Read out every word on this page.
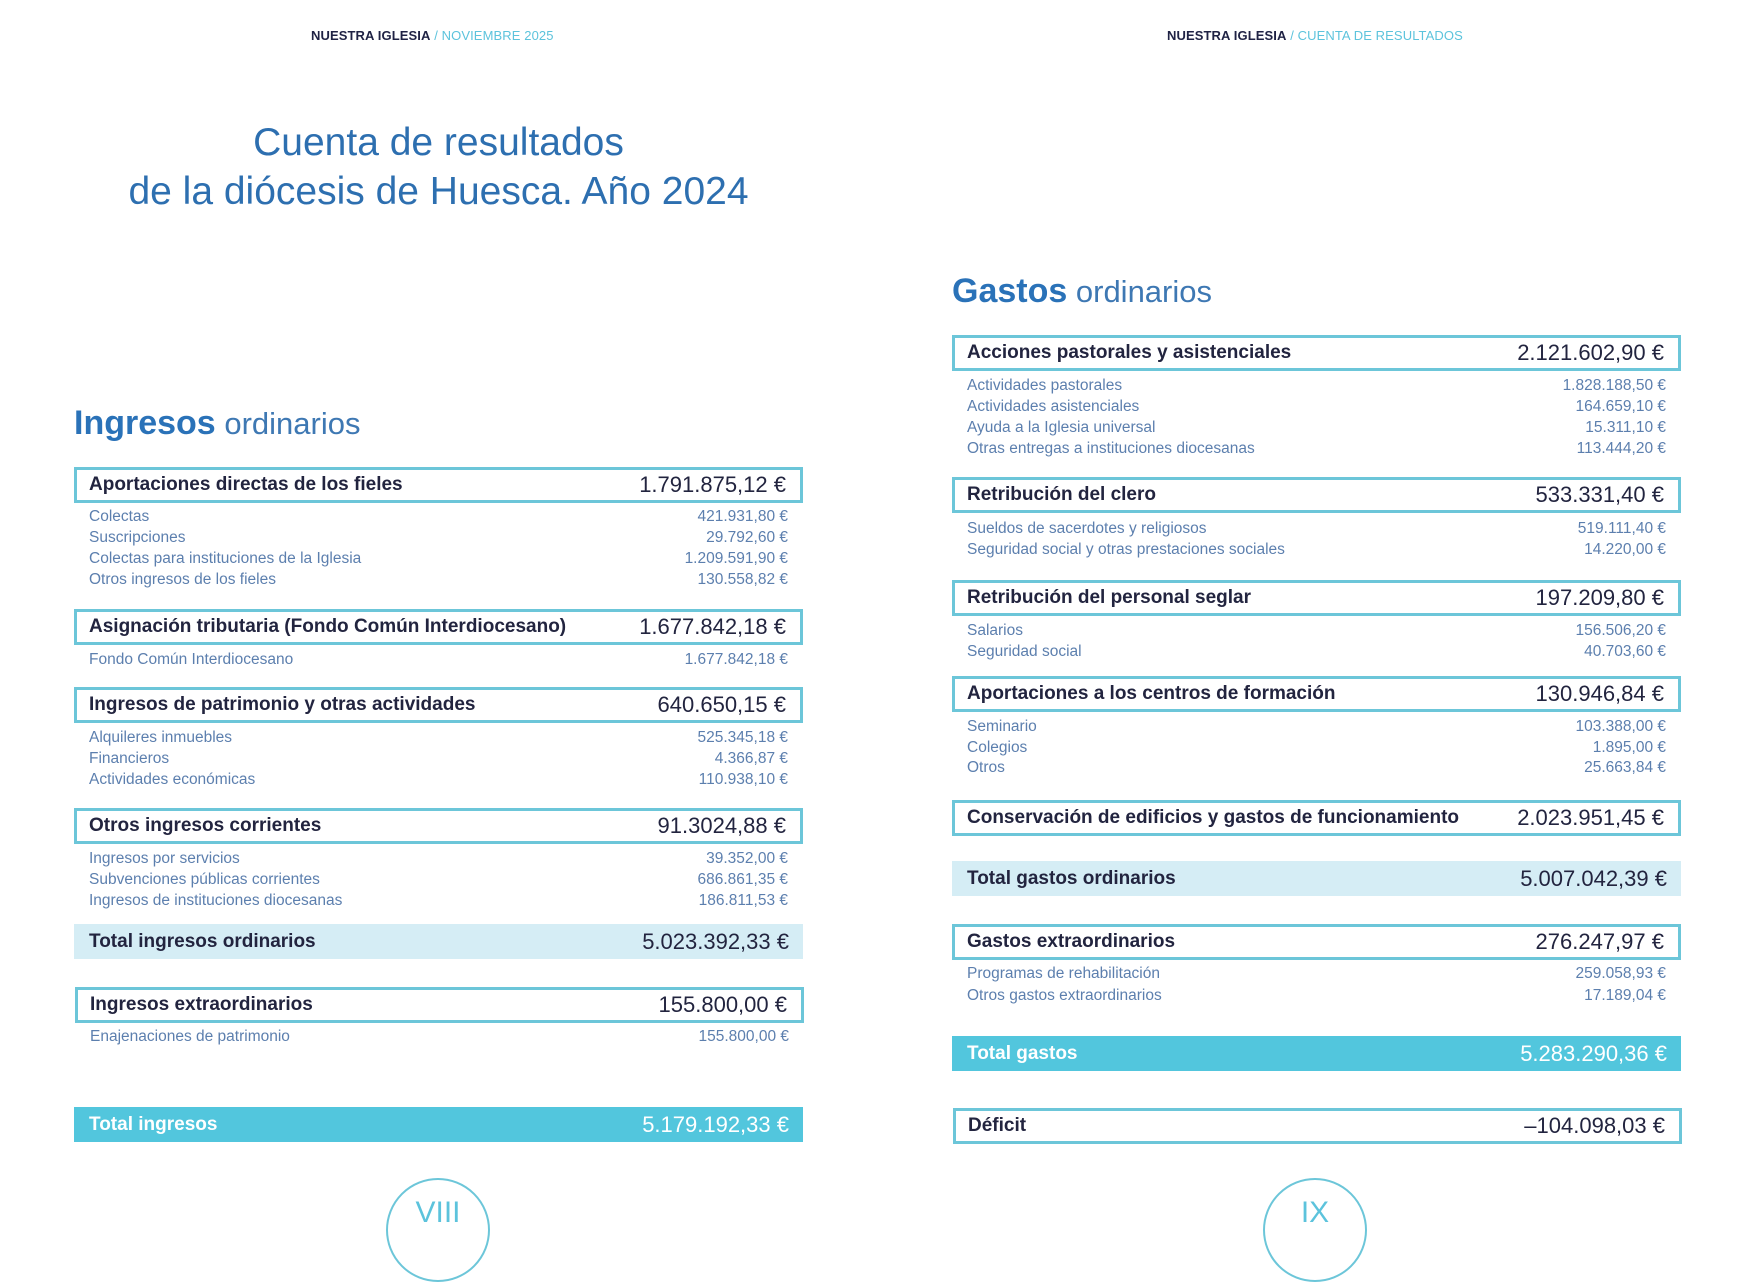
NUESTRA IGLESIA / NOVIEMBRE 2025
Cuenta de resultados
de la diócesis de Huesca. Año 2024
Ingresos ordinarios
Aportaciones directas de los fieles	1.791.875,12 €
Colectas	421.931,80 €
Suscripciones	29.792,60 €
Colectas para instituciones de la Iglesia	1.209.591,90 €
Otros ingresos de los fieles	130.558,82 €
Asignación tributaria (Fondo Común Interdiocesano)	1.677.842,18 €
Fondo Común Interdiocesano	1.677.842,18 €
Ingresos de patrimonio y otras actividades	640.650,15 €
Alquileres inmuebles	525.345,18 €
Financieros	4.366,87 €
Actividades económicas	110.938,10 €
Otros ingresos corrientes	91.3024,88 €
Ingresos por servicios	39.352,00 €
Subvenciones públicas corrientes	686.861,35 €
Ingresos de instituciones diocesanas	186.811,53 €
Total ingresos ordinarios	5.023.392,33 €
Ingresos extraordinarios	155.800,00 €
Enajenaciones de patrimonio	155.800,00 €
Total ingresos	5.179.192,33 €
VIII
NUESTRA IGLESIA / CUENTA DE RESULTADOS
Gastos ordinarios
Acciones pastorales y asistenciales	2.121.602,90 €
Actividades pastorales	1.828.188,50 €
Actividades asistenciales	164.659,10 €
Ayuda a la Iglesia universal	15.311,10 €
Otras entregas a instituciones diocesanas	113.444,20 €
Retribución del clero	533.331,40 €
Sueldos de sacerdotes y religiosos	519.111,40 €
Seguridad social y otras prestaciones sociales	14.220,00 €
Retribución del personal seglar	197.209,80 €
Salarios	156.506,20 €
Seguridad social	40.703,60 €
Aportaciones a los centros de formación	130.946,84 €
Seminario	103.388,00 €
Colegios	1.895,00 €
Otros	25.663,84 €
Conservación de edificios y gastos de funcionamiento	2.023.951,45 €
Total gastos ordinarios	5.007.042,39 €
Gastos extraordinarios	276.247,97 €
Programas de rehabilitación	259.058,93 €
Otros gastos extraordinarios	17.189,04 €
Total gastos	5.283.290,36 €
Déficit	–104.098,03 €
IX
